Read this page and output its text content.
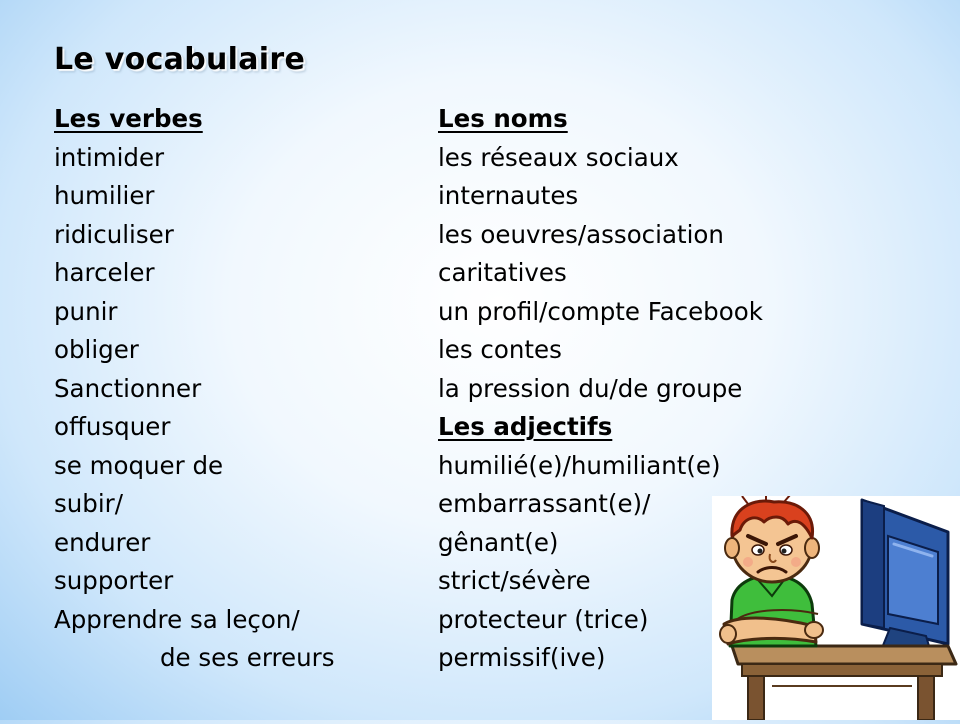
Le vocabulaire
Les verbes
intimider
humilier
ridiculiser
harceler
punir
obliger
Sanctionner
offusquer
se moquer de
subir/
endurer
supporter
Apprendre sa leçon/
de ses erreurs
Les noms
les réseaux sociaux
internautes
les oeuvres/association
caritatives
un profil/compte Facebook
les contes
la pression du/de groupe
Les adjectifs
humilié(e)/humiliant(e)
embarrassant(e)/
gênant(e)
strict/sévère
protecteur (trice)
permissif(ive)
